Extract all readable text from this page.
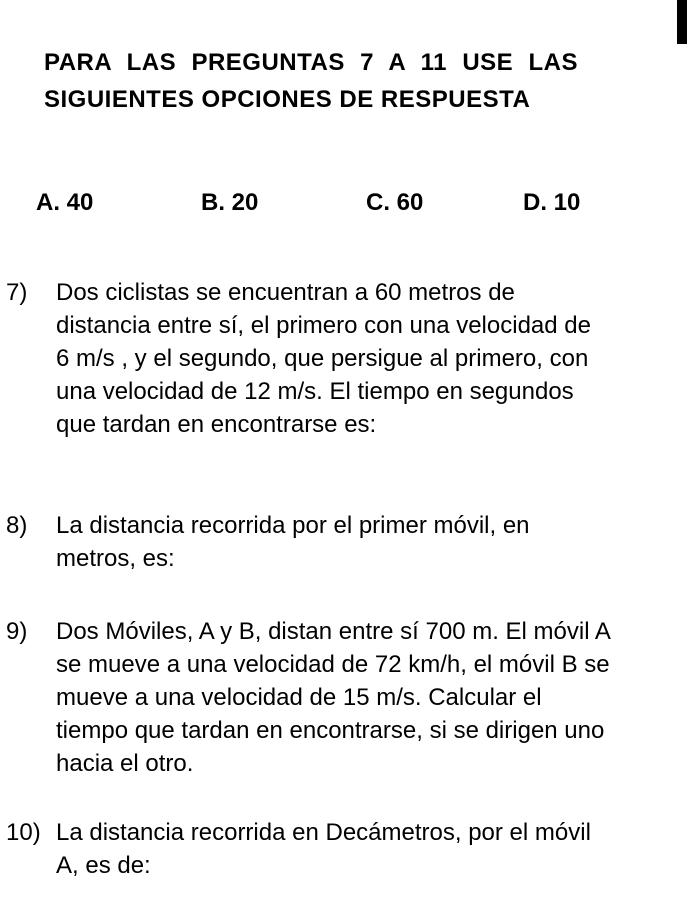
PARA LAS PREGUNTAS 7 A 11 USE LAS SIGUIENTES OPCIONES DE RESPUESTA
A. 40	B. 20	C. 60	D. 10
7) Dos ciclistas se encuentran a 60 metros de distancia entre sí, el primero con una velocidad de 6 m/s , y el segundo, que persigue al primero, con una velocidad de 12 m/s. El tiempo en segundos que tardan en encontrarse es:
8) La distancia recorrida por el primer móvil, en metros, es:
9) Dos Móviles, A y B, distan entre sí 700 m. El móvil A se mueve a una velocidad de 72 km/h, el móvil B se mueve a una velocidad de 15 m/s. Calcular el tiempo que tardan en encontrarse, si se dirigen uno hacia el otro.
10) La distancia recorrida en Decámetros, por el móvil A, es de:
